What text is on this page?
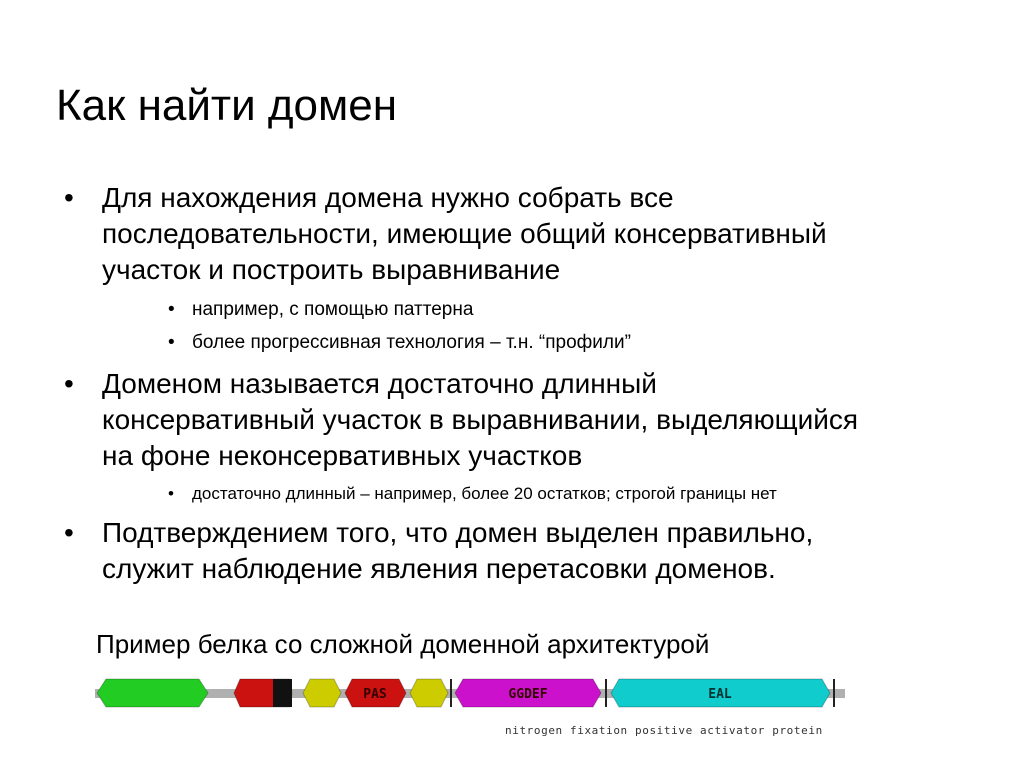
Как найти домен
• Для нахождения домена нужно собрать все
последовательности, имеющие общий консервативный
участок и построить выравнивание
• например, с помощью паттерна
• более прогрессивная технология – т.н. “профили”
• Доменом называется достаточно длинный
консервативный участок в выравнивании, выделяющийся
на фоне неконсервативных участков
• достаточно длинный – например, более 20 остатков; строгой границы нет
• Подтверждением того, что домен выделен правильно,
служит наблюдение явления перетасовки доменов.
Пример белка со сложной доменной архитектурой
PAS	GGDEF	EAL
nitrogen fixation positive activator protein
